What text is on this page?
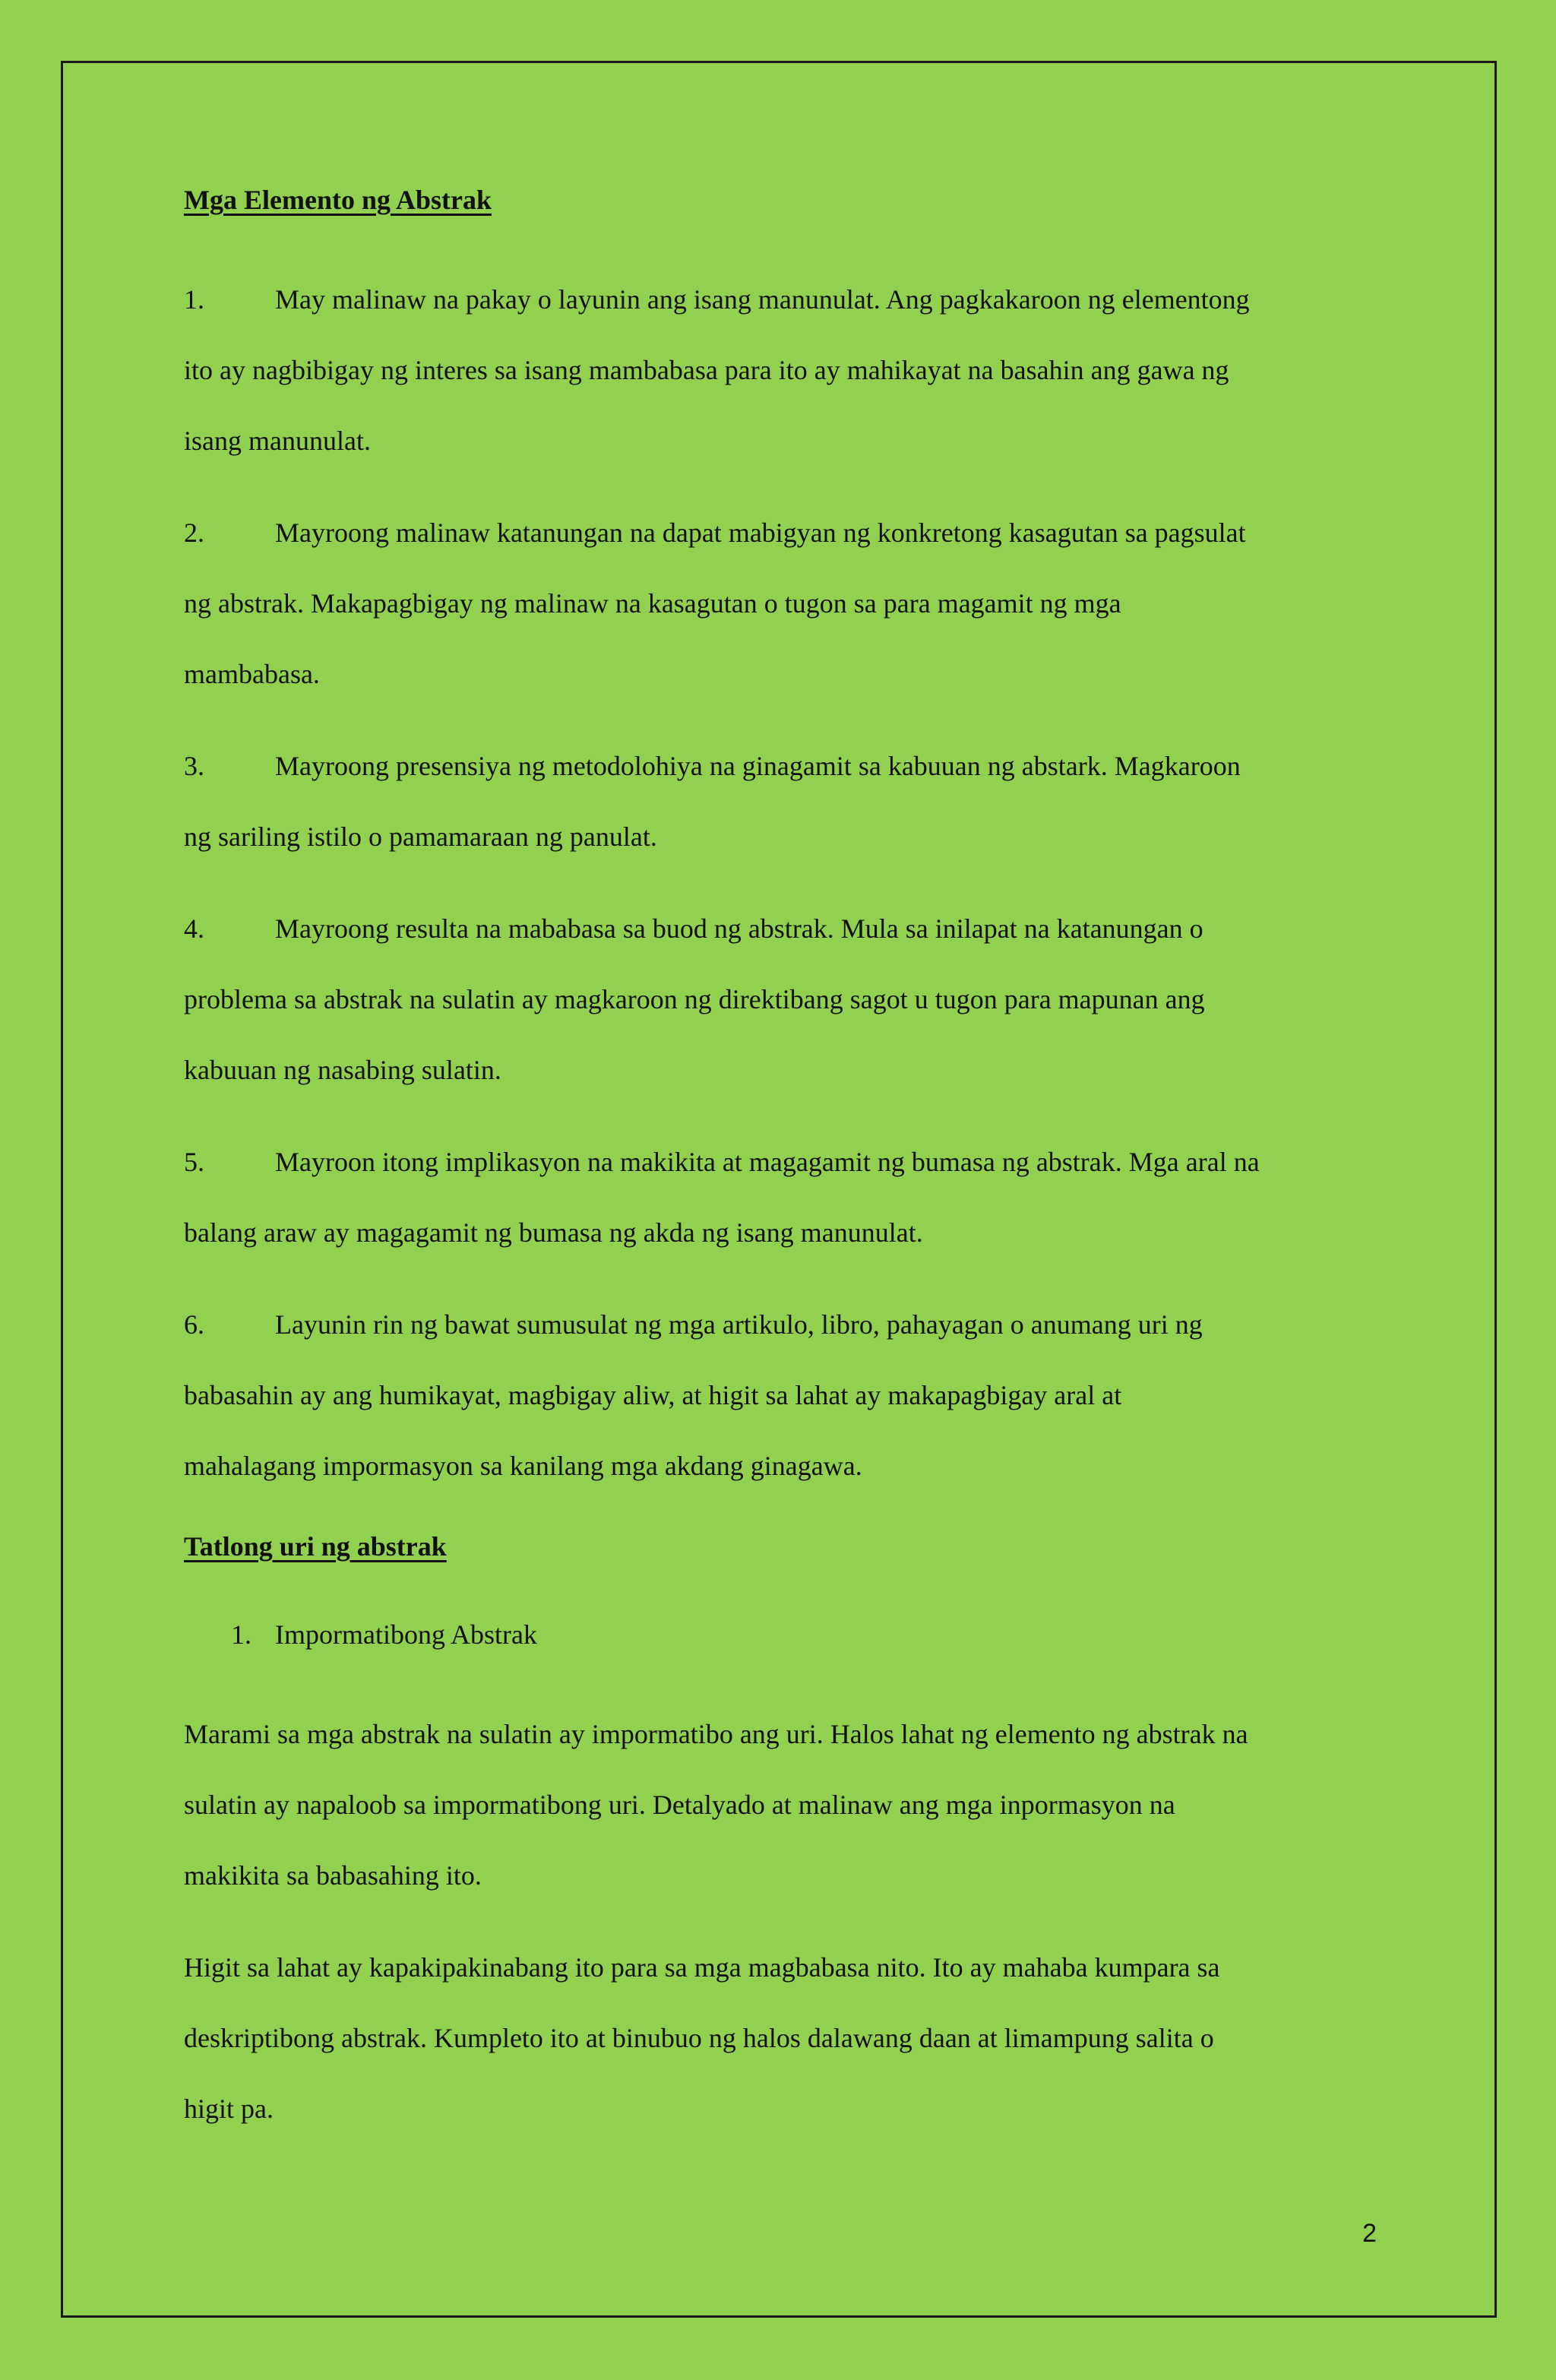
Mga Elemento ng Abstrak
1.	May malinaw na pakay o layunin ang isang manunulat. Ang pagkakaroon ng elementong
ito ay nagbibigay ng interes sa isang mambabasa para ito ay mahikayat na basahin ang gawa ng
isang manunulat.
2.	Mayroong malinaw katanungan na dapat mabigyan ng konkretong kasagutan sa pagsulat
ng abstrak. Makapagbigay ng malinaw na kasagutan o tugon sa para magamit ng mga
mambabasa.
3.	Mayroong presensiya ng metodolohiya na ginagamit sa kabuuan ng abstark. Magkaroon
ng sariling istilo o pamamaraan ng panulat.
4.	Mayroong resulta na mababasa sa buod ng abstrak. Mula sa inilapat na katanungan o
problema sa abstrak na sulatin ay magkaroon ng direktibang sagot u tugon para mapunan ang
kabuuan ng nasabing sulatin.
5.	Mayroon itong implikasyon na makikita at magagamit ng bumasa ng abstrak. Mga aral na
balang araw ay magagamit ng bumasa ng akda ng isang manunulat.
6.	Layunin rin ng bawat sumusulat ng mga artikulo, libro, pahayagan o anumang uri ng
babasahin ay ang humikayat, magbigay aliw, at higit sa lahat ay makapagbigay aral at
mahalagang impormasyon sa kanilang mga akdang ginagawa.
Tatlong uri ng abstrak
1. Impormatibong Abstrak
Marami sa mga abstrak na sulatin ay impormatibo ang uri. Halos lahat ng elemento ng abstrak na
sulatin ay napaloob sa impormatibong uri. Detalyado at malinaw ang mga inpormasyon na
makikita sa babasahing ito.
Higit sa lahat ay kapakipakinabang ito para sa mga magbabasa nito. Ito ay mahaba kumpara sa
deskriptibong abstrak. Kumpleto ito at binubuo ng halos dalawang daan at limampung salita o
higit pa.
2
